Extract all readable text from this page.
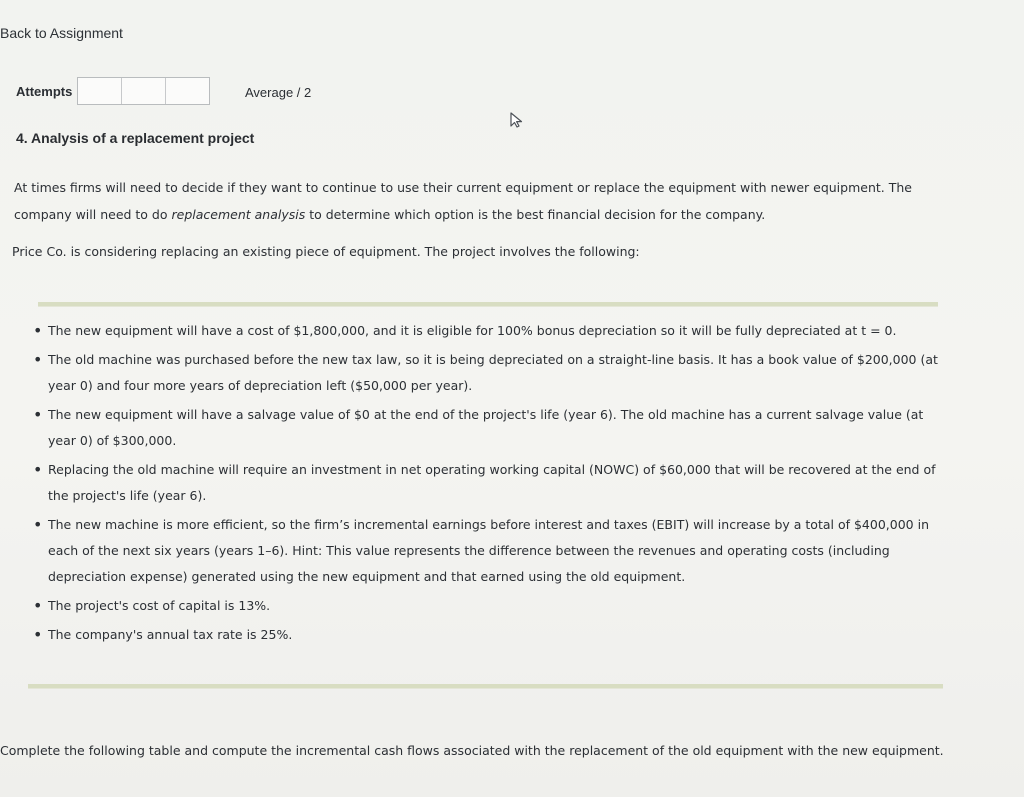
Back to Assignment
Attempts	Average / 2
4. Analysis of a replacement project
At times firms will need to decide if they want to continue to use their current equipment or replace the equipment with newer equipment. The company will need to do replacement analysis to determine which option is the best financial decision for the company.
Price Co. is considering replacing an existing piece of equipment. The project involves the following:
• The new equipment will have a cost of $1,800,000, and it is eligible for 100% bonus depreciation so it will be fully depreciated at t = 0.
• The old machine was purchased before the new tax law, so it is being depreciated on a straight-line basis. It has a book value of $200,000 (at year 0) and four more years of depreciation left ($50,000 per year).
• The new equipment will have a salvage value of $0 at the end of the project's life (year 6). The old machine has a current salvage value (at year 0) of $300,000.
• Replacing the old machine will require an investment in net operating working capital (NOWC) of $60,000 that will be recovered at the end of the project's life (year 6).
• The new machine is more efficient, so the firm’s incremental earnings before interest and taxes (EBIT) will increase by a total of $400,000 in each of the next six years (years 1–6). Hint: This value represents the difference between the revenues and operating costs (including depreciation expense) generated using the new equipment and that earned using the old equipment.
• The project's cost of capital is 13%.
• The company's annual tax rate is 25%.
Complete the following table and compute the incremental cash flows associated with the replacement of the old equipment with the new equipment.
